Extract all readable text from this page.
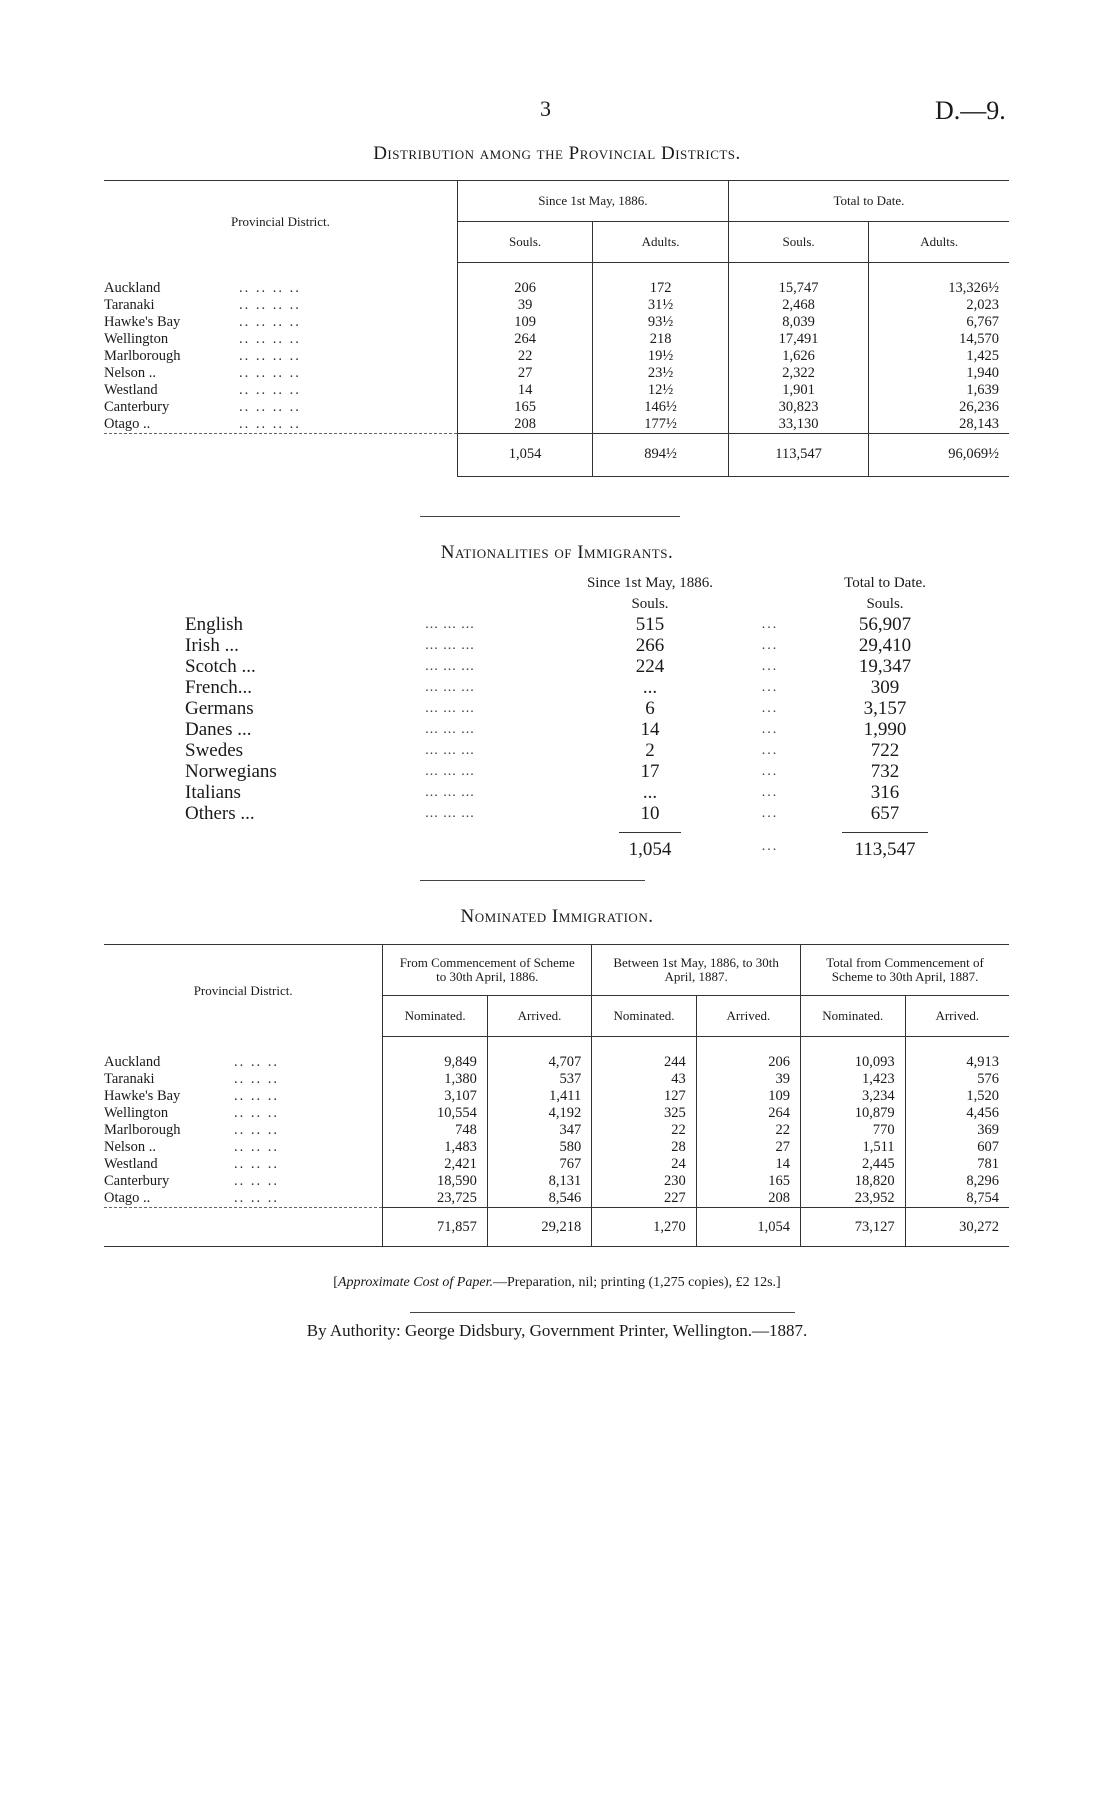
3	D.—9.
Distribution among the Provincial Districts.
Provincial District.	Since 1st May, 1886.		Total to Date.	
	Souls.	Adults.	Souls.	Adults.

Auckland .. .. .. ..	206	172	15,747	13,326½
Taranaki .. .. .. ..	39	31½	2,468	2,023
Hawke's Bay .. .. .. ..	109	93½	8,039	6,767
Wellington .. .. .. ..	264	218	17,491	14,570
Marlborough .. .. .. ..	22	19½	1,626	1,425
Nelson .. .. .. .. ..	27	23½	2,322	1,940
Westland .. .. .. ..	14	12½	1,901	1,639
Canterbury .. .. .. ..	165	146½	30,823	26,236
Otago .. .. .. .. ..	208	177½	33,130	28,143
	1,054	894½	113,547	96,069½
Nationalities of Immigrants.
		Since 1st May, 1886.		Total to Date.
		Souls.		Souls.
English	... ... ...	515	...	56,907
Irish ...	... ... ...	266	...	29,410
Scotch ...	... ... ...	224	...	19,347
French...	... ... ...	...	...	309
Germans	... ... ...	6	...	3,157
Danes ...	... ... ...	14	...	1,990
Swedes	... ... ...	2	...	722
Norwegians	... ... ...	17	...	732
Italians	... ... ...	...	...	316
Others ...	... ... ...	10	...	657
		1,054	...	113,547
Nominated Immigration.
Provincial District.	From Commencement of Scheme to 30th April, 1886.		Between 1st May, 1886, to 30th April, 1887.		Total from Commencement of Scheme to 30th April, 1887.	
	Nominated.	Arrived.	Nominated.	Arrived.	Nominated.	Arrived.

Auckland .. .. ..	9,849	4,707	244	206	10,093	4,913
Taranaki .. .. ..	1,380	537	43	39	1,423	576
Hawke's Bay .. .. ..	3,107	1,411	127	109	3,234	1,520
Wellington .. .. ..	10,554	4,192	325	264	10,879	4,456
Marlborough .. .. ..	748	347	22	22	770	369
Nelson .. .. .. ..	1,483	580	28	27	1,511	607
Westland .. .. ..	2,421	767	24	14	2,445	781
Canterbury .. .. ..	18,590	8,131	230	165	18,820	8,296
Otago .. .. .. ..	23,725	8,546	227	208	23,952	8,754
	71,857	29,218	1,270	1,054	73,127	30,272
[Approximate Cost of Paper.—Preparation, nil; printing (1,275 copies), £2 12s.]
By Authority: George Didsbury, Government Printer, Wellington.—1887.
